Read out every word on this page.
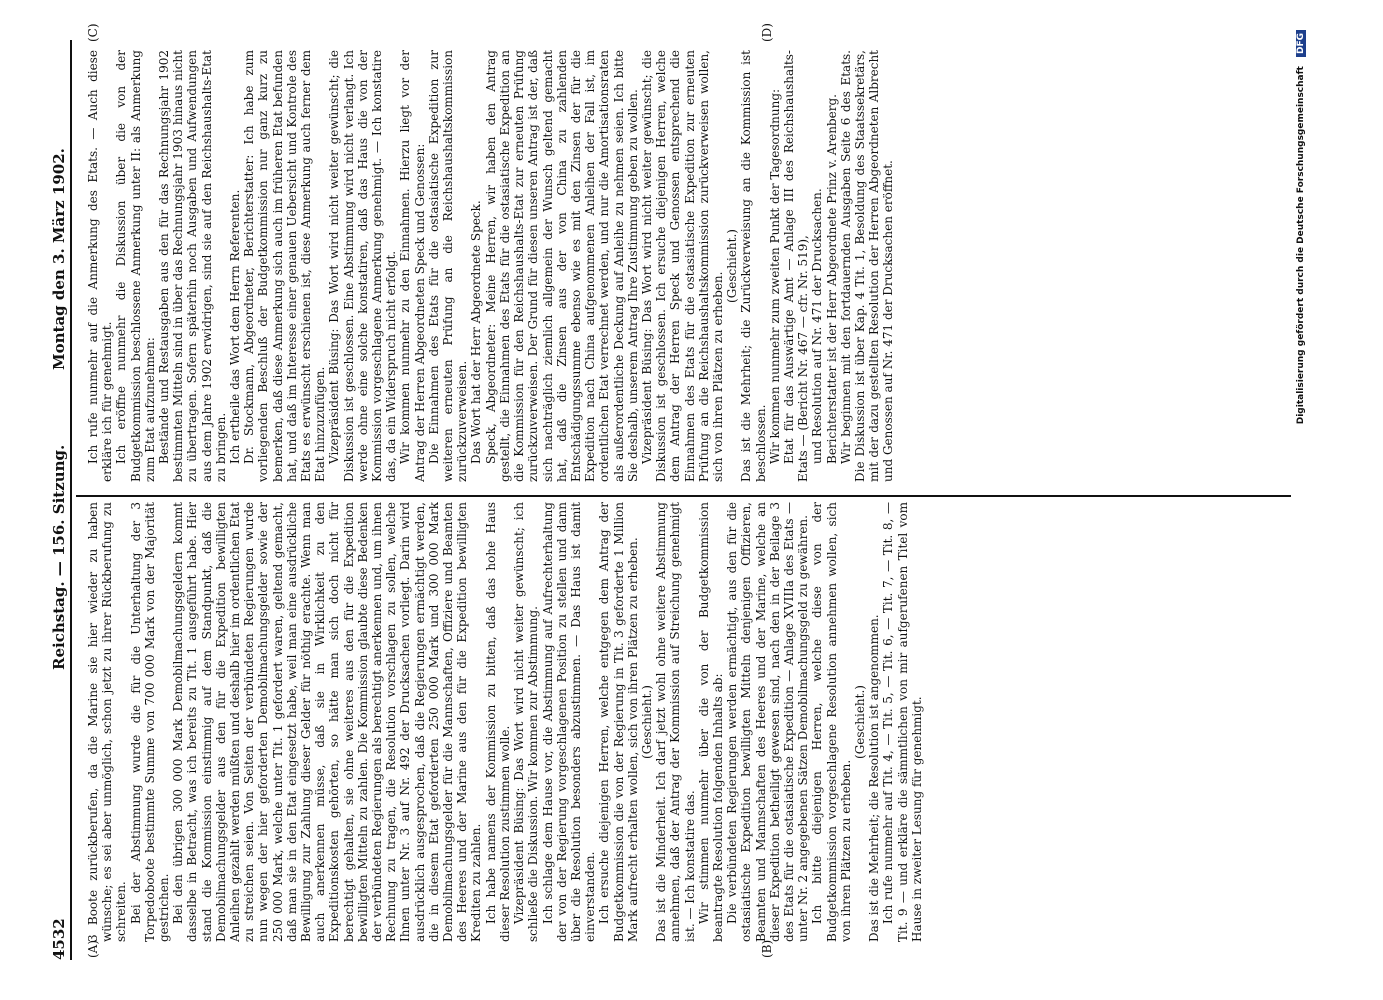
4532
Reichstag. — 156. Sitzung.
Montag den 3. März 1902.
(A)	(B)
(C)	(D)

3 Boote zurückberufen, da die Marine sie hier wieder zu haben wünsche; es sei aber unmöglich, schon jetzt zu ihrer Rückberufung zu schreiten. Bei der Abstimmung wurde die für die Unterhaltung der 3 Torpedoboote bestimmte Summe von 700 000 Mark von der Majorität gestrichen. Bei den übrigen 300 000 Mark Demobilmachungsgeldern kommt dasselbe in Betracht, was ich bereits zu Tit. 1 ausgeführt habe. Hier stand die Kommission einstimmig auf dem Standpunkt, daß die Demobilmachungsgelder aus den für die Expedition bewilligten Anleihen gezahlt werden müßten und deshalb hier im ordentlichen Etat zu streichen seien. Von Seiten der verbündeten Regierungen wurde nun wegen der hier geforderten Demobilmachungsgelder sowie der 250 000 Mark, welche unter Tit. 1 gefordert waren, geltend gemacht, daß man sie in den Etat eingesetzt habe, weil man eine ausdrückliche Bewilligung zur Zahlung dieser Gelder für nöthig erachte. Wenn man auch anerkennen müsse, daß sie in Wirklichkeit zu den Expeditionskosten gehörten, so hätte man sich doch nicht für berechtigt gehalten, sie ohne weiteres aus den für die Expedition bewilligten Mitteln zu zahlen. Die Kommission glaubte diese Bedenken der verbündeten Regierungen als berechtigt anerkennen und, um ihnen Rechnung zu tragen, die Resolution vorschlagen zu sollen, welche Ihnen unter Nr. 3 auf Nr. 492 der Drucksachen vorliegt. Darin wird ausdrücklich ausgesprochen, daß die Regierungen ermächtigt werden, die in diesem Etat geforderten 250 000 Mark und 300 000 Mark Demobilmachungsgelder für die Mannschaften, Offiziere und Beamten des Heeres und der Marine aus den für die Expedition bewilligten Krediten zu zahlen. Ich habe namens der Kommission zu bitten, daß das hohe Haus dieser Resolution zustimmen wolle. Vizepräsident Büsing: Das Wort wird nicht weiter gewünscht; ich schließe die Diskussion. Wir kommen zur Abstimmung. Ich schlage dem Hause vor, die Abstimmung auf Aufrechterhaltung der von der Regierung vorgeschlagenen Position zu stellen und dann über die Resolution besonders abzustimmen. — Das Haus ist damit einverstanden. Ich ersuche diejenigen Herren, welche entgegen dem Antrag der Budgetkommission die von der Regierung in Tit. 3 geforderte 1 Million Mark aufrecht erhalten wollen, sich von ihren Plätzen zu erheben. (Geschieht.) Das ist die Minderheit. Ich darf jetzt wohl ohne weitere Abstimmung annehmen, daß der Antrag der Kommission auf Streichung genehmigt ist. — Ich konstatire das. Wir stimmen nunmehr über die von der Budgetkommission beantragte Resolution folgenden Inhalts ab: Die verbündeten Regierungen werden ermächtigt, aus den für die ostasiatische Expedition bewilligten Mitteln denjenigen Offizieren, Beamten und Mannschaften des Heeres und der Marine, welche an dieser Expedition betheiligt gewesen sind, nach den in der Beilage 3 des Etats für die ostasiatische Expedition — Anlage XVIIIa des Etats — unter Nr. 2 angegebenen Sätzen Demobilmachungsgeld zu gewähren. Ich bitte diejenigen Herren, welche diese von der Budgetkommission vorgeschlagene Resolution annehmen wollen, sich von ihren Plätzen zu erheben.

(Geschieht.) Das ist die Mehrheit; die Resolution ist angenommen. Ich rufe nunmehr auf Tit. 4, — Tit. 5, — Tit. 6, — Tit. 7, — Tit. 8, — Tit. 9 — und erkläre die sämmtlichen von mir aufgerufenen Titel vom Hause in zweiter Lesung für genehmigt.

Ich rufe nunmehr auf die Anmerkung des Etats. — Auch diese erkläre ich für genehmigt. Ich eröffne nunmehr die Diskussion über die von der Budgetkommission beschlossene Anmerkung unter II: als Anmerkung zum Etat aufzunehmen: Bestände und Restausgaben aus den für das Rechnungsjahr 1902 bestimmten Mitteln sind in über das Rechnungsjahr 1903 hinaus nicht zu übertragen. Sofern späterhin noch Ausgaben und Aufwendungen aus dem Jahre 1902 erwidrigen, sind sie auf den Reichshaushalts-Etat zu bringen. Ich ertheile das Wort dem Herrn Referenten. Dr. Stockmann, Abgeordneter, Berichterstatter: Ich habe zum vorliegenden Beschluß der Budgetkommission nur ganz kurz zu bemerken, daß diese Anmerkung sich auch im früheren Etat befunden hat, und daß im Interesse einer genauen Uebersicht und Kontrole des Etats es erwünscht erschienen ist, diese Anmerkung auch ferner dem Etat hinzuzufügen. Vizepräsident Büsing: Das Wort wird nicht weiter gewünscht; die Diskussion ist geschlossen. Eine Abstimmung wird nicht verlangt. Ich werde ohne eine solche konstatiren, daß das Haus die von der Kommission vorgeschlagene Anmerkung genehmigt. — Ich konstatire das, da ein Widerspruch nicht erfolgt. Wir kommen nunmehr zu den Einnahmen. Hierzu liegt vor der Antrag der Herren Abgeordneten Speck und Genossen: Die Einnahmen des Etats für die ostasiatische Expedition zur weiteren erneuten Prüfung an die Reichshaushaltskommission zurückzuverweisen. Das Wort hat der Herr Abgeordnete Speck. Speck, Abgeordneter: Meine Herren, wir haben den Antrag gestellt, die Einnahmen des Etats für die ostasiatische Expedition an die Kommission für den Reichshaushalts-Etat zur erneuten Prüfung zurückzuverweisen. Der Grund für diesen unseren Antrag ist der, daß sich nachträglich ziemlich allgemein der Wunsch geltend gemacht hat, daß die Zinsen aus der von China zu zahlenden Entschädigungssumme ebenso wie es mit den Zinsen der für die Expedition nach China aufgenommenen Anleihen der Fall ist, im ordentlichen Etat verrechnet werden, und nur die Amortisationsraten als außerordentliche Deckung auf Anleihe zu nehmen seien. Ich bitte Sie deshalb, unserem Antrag Ihre Zustimmung geben zu wollen. Vizepräsident Büsing: Das Wort wird nicht weiter gewünscht; die Diskussion ist geschlossen. Ich ersuche diejenigen Herren, welche dem Antrag der Herren Speck und Genossen entsprechend die Einnahmen des Etats für die ostasiatische Expedition zur erneuten Prüfung an die Reichshaushaltskommission zurückverweisen wollen, sich von ihren Plätzen zu erheben.

(Geschieht.) Das ist die Mehrheit; die Zurückverweisung an die Kommission ist beschlossen. Wir kommen nunmehr zum zweiten Punkt der Tagesordnung: Etat für das Auswärtige Amt — Anlage III des Reichshaushalts-Etats — (Bericht Nr. 467 — cfr. Nr. 519), und Resolution auf Nr. 471 der Drucksachen. Berichterstatter ist der Herr Abgeordnete Prinz v. Arenberg. Wir beginnen mit den fortdauernden Ausgaben Seite 6 des Etats. Die Diskussion ist über Kap. 4 Tit. 1, Besoldung des Staatssekretärs, mit der dazu gestellten Resolution der Herren Abgeordneten Albrecht und Genossen auf Nr. 471 der Drucksachen eröffnet.	Digitalisierung gefördert durch die Deutsche Forschungsgemeinschaft DFG
